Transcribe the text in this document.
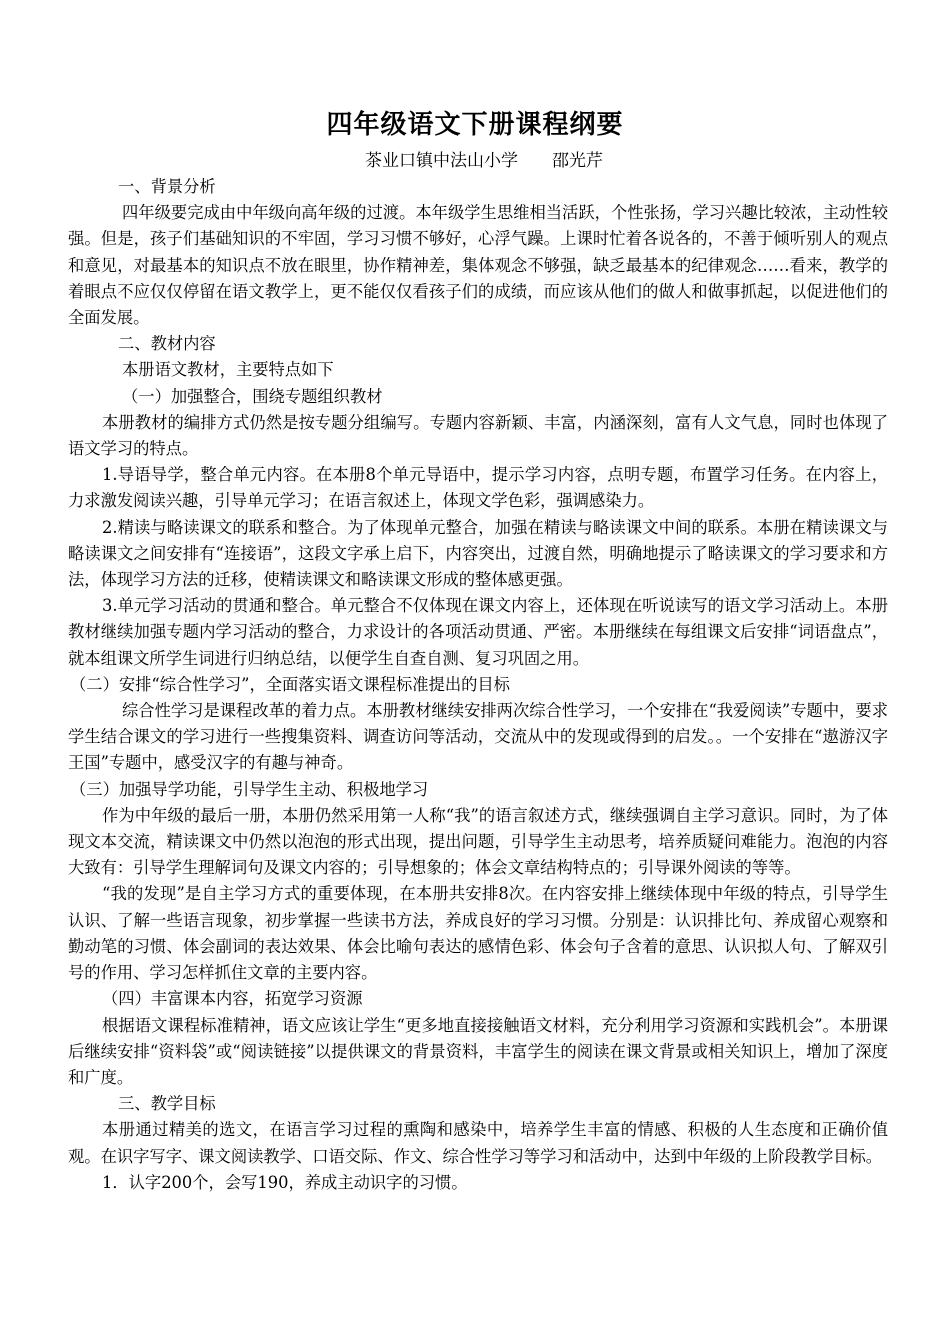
四年级语文下册课程纲要
茶业口镇中法山小学　　邵光芹

一、背景分析

四年级要完成由中年级向高年级的过渡。本年级学生思维相当活跃，个性张扬，学习兴趣比较浓，主动性较强。但是，孩子们基础知识的不牢固，学习习惯不够好，心浮气躁。上课时忙着各说各的，不善于倾听别人的观点和意见，对最基本的知识点不放在眼里，协作精神差，集体观念不够强，缺乏最基本的纪律观念……看来，教学的着眼点不应仅仅停留在语文教学上，更不能仅仅看孩子们的成绩，而应该从他们的做人和做事抓起，以促进他们的全面发展。

二、教材内容

本册语文教材，主要特点如下

（一）加强整合，围绕专题组织教材

本册教材的编排方式仍然是按专题分组编写。专题内容新颖、丰富，内涵深刻，富有人文气息，同时也体现了语文学习的特点。

1.导语导学，整合单元内容。在本册8个单元导语中，提示学习内容，点明专题，布置学习任务。在内容上，力求激发阅读兴趣，引导单元学习；在语言叙述上，体现文学色彩，强调感染力。

2.精读与略读课文的联系和整合。为了体现单元整合，加强在精读与略读课文中间的联系。本册在精读课文与略读课文之间安排有“连接语”，这段文字承上启下，内容突出，过渡自然，明确地提示了略读课文的学习要求和方法，体现学习方法的迁移，使精读课文和略读课文形成的整体感更强。

3.单元学习活动的贯通和整合。单元整合不仅体现在课文内容上，还体现在听说读写的语文学习活动上。本册教材继续加强专题内学习活动的整合，力求设计的各项活动贯通、严密。本册继续在每组课文后安排“词语盘点”，就本组课文所学生词进行归纳总结，以便学生自查自测、复习巩固之用。

（二）安排“综合性学习”，全面落实语文课程标准提出的目标

综合性学习是课程改革的着力点。本册教材继续安排两次综合性学习，一个安排在“我爱阅读”专题中，要求学生结合课文的学习进行一些搜集资料、调查访问等活动，交流从中的发现或得到的启发。。一个安排在“遨游汉字王国”专题中，感受汉字的有趣与神奇。

（三）加强导学功能，引导学生主动、积极地学习

作为中年级的最后一册，本册仍然采用第一人称“我”的语言叙述方式，继续强调自主学习意识。同时，为了体现文本交流，精读课文中仍然以泡泡的形式出现，提出问题，引导学生主动思考，培养质疑问难能力。泡泡的内容大致有：引导学生理解词句及课文内容的；引导想象的；体会文章结构特点的；引导课外阅读的等等。

“我的发现”是自主学习方式的重要体现，在本册共安排8次。在内容安排上继续体现中年级的特点，引导学生认识、了解一些语言现象，初步掌握一些读书方法，养成良好的学习习惯。分别是：认识排比句、养成留心观察和勤动笔的习惯、体会副词的表达效果、体会比喻句表达的感情色彩、体会句子含着的意思、认识拟人句、了解双引号的作用、学习怎样抓住文章的主要内容。

（四）丰富课本内容，拓宽学习资源

根据语文课程标准精神，语文应该让学生“更多地直接接触语文材料，充分利用学习资源和实践机会”。本册课后继续安排“资料袋”或“阅读链接”以提供课文的背景资料，丰富学生的阅读在课文背景或相关知识上，增加了深度和广度。

三、教学目标

本册通过精美的选文，在语言学习过程的熏陶和感染中，培养学生丰富的情感、积极的人生态度和正确价值观。在识字写字、课文阅读教学、口语交际、作文、综合性学习等学习和活动中，达到中年级的上阶段教学目标。

1．认字200个，会写190，养成主动识字的习惯。
